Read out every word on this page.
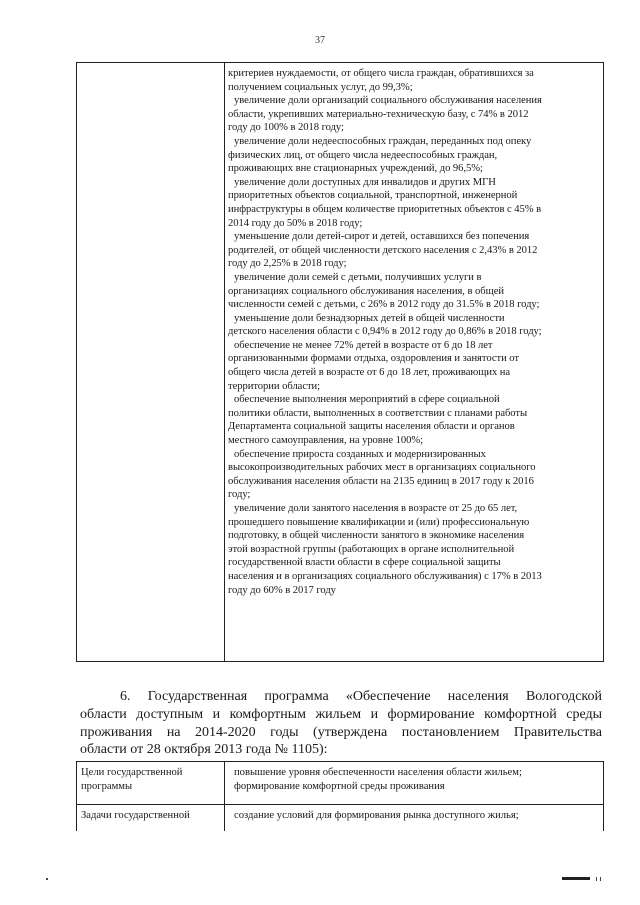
37
критериев нуждаемости, от общего числа граждан, обратившихся за
получением социальных услуг, до 99,3%;
увеличение доли организаций социального обслуживания населения
области, укрепивших материально-техническую базу, с 74% в 2012
году до 100% в 2018 году;
увеличение доли недееспособных граждан, переданных под опеку
физических лиц, от общего числа недееспособных граждан,
проживающих вне стационарных учреждений, до 96,5%;
увеличение доли доступных для инвалидов и других МГН
приоритетных объектов социальной, транспортной, инженерной
инфраструктуры в общем количестве приоритетных объектов с 45% в
2014 году до 50% в 2018 году;
уменьшение доли детей-сирот и детей, оставшихся без попечения
родителей, от общей численности детского населения с 2,43% в 2012
году до 2,25% в 2018 году;
увеличение доли семей с детьми, получивших услуги в
организациях социального обслуживания населения, в общей
численности семей с детьми, с 26% в 2012 году до 31.5% в 2018 году;
уменьшение доли безнадзорных детей в общей численности
детского населения области с 0,94% в 2012 году до 0,86% в 2018 году;
обеспечение не менее 72% детей в возрасте от 6 до 18 лет
организованными формами отдыха, оздоровления и занятости от
общего числа детей в возрасте от 6 до 18 лет, проживающих на
территории области;
обеспечение выполнения мероприятий в сфере социальной
политики области, выполненных в соответствии с планами работы
Департамента социальной защиты населения области и органов
местного самоуправления, на уровне 100%;
обеспечение прироста созданных и модернизированных
высокопроизводительных рабочих мест в организациях социального
обслуживания населения области на 2135 единиц в 2017 году к 2016
году;
увеличение доли занятого населения в возрасте от 25 до 65 лет,
прошедшего повышение квалификации и (или) профессиональную
подготовку, в общей численности занятого в экономике населения
этой возрастной группы (работающих в органе исполнительной
государственной власти области в сфере социальной защиты
населения и в организациях социального обслуживания) с 17% в 2013
году до 60% в 2017 году
6. Государственная программа «Обеспечение населения Вологодской
области доступным и комфортным жильем и формирование комфортной среды
проживания на 2014-2020 годы (утверждена постановлением Правительства
области от 28 октября 2013 года № 1105):
Цели государственной
программы
повышение уровня обеспеченности населения области жильем;
формирование комфортной среды проживания
Задачи государственной	создание условий для формирования рынка доступного жилья;
